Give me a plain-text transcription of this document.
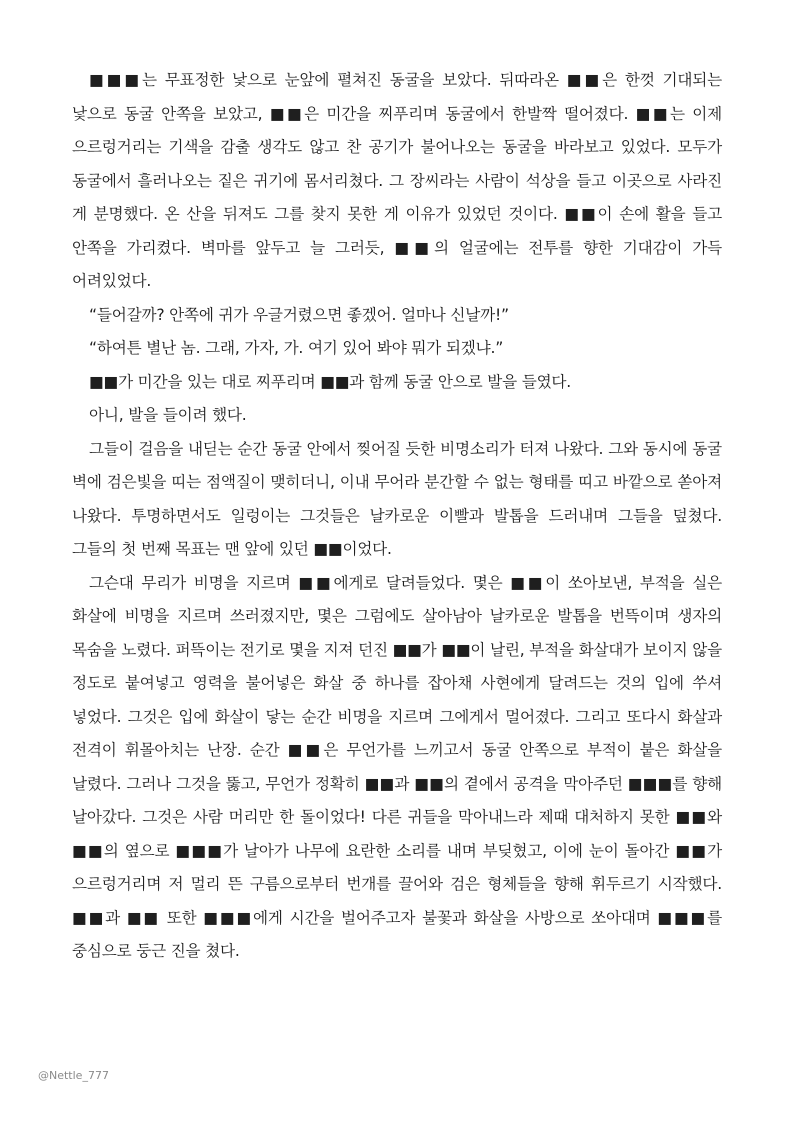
■■■는 무표정한 낯으로 눈앞에 펼쳐진 동굴을 보았다. 뒤따라온 ■■은 한껏 기대되는 낯으로 동굴 안쪽을 보았고, ■■은 미간을 찌푸리며 동굴에서 한발짝 떨어졌다. ■■는 이제 으르렁거리는 기색을 감출 생각도 않고 찬 공기가 불어나오는 동굴을 바라보고 있었다. 모두가 동굴에서 흘러나오는 짙은 귀기에 몸서리쳤다. 그 장씨라는 사람이 석상을 들고 이곳으로 사라진 게 분명했다. 온 산을 뒤져도 그를 찾지 못한 게 이유가 있었던 것이다. ■■이 손에 활을 들고 안쪽을 가리켰다. 벽마를 앞두고 늘 그러듯, ■■의 얼굴에는 전투를 향한 기대감이 가득 어려있었다.

“들어갈까? 안쪽에 귀가 우글거렸으면 좋겠어. 얼마나 신날까!”

“하여튼 별난 놈. 그래, 가자, 가. 여기 있어 봐야 뭐가 되겠냐.”

■■가 미간을 있는 대로 찌푸리며 ■■과 함께 동굴 안으로 발을 들였다.

아니, 발을 들이려 했다.

그들이 걸음을 내딛는 순간 동굴 안에서 찢어질 듯한 비명소리가 터져 나왔다. 그와 동시에 동굴 벽에 검은빛을 띠는 점액질이 맺히더니, 이내 무어라 분간할 수 없는 형태를 띠고 바깥으로 쏟아져 나왔다. 투명하면서도 일렁이는 그것들은 날카로운 이빨과 발톱을 드러내며 그들을 덮쳤다. 그들의 첫 번째 목표는 맨 앞에 있던 ■■이었다.

그슨대 무리가 비명을 지르며 ■■에게로 달려들었다. 몇은 ■■이 쏘아보낸, 부적을 실은 화살에 비명을 지르며 쓰러졌지만, 몇은 그럼에도 살아남아 날카로운 발톱을 번뜩이며 생자의 목숨을 노렸다. 퍼뜩이는 전기로 몇을 지져 던진 ■■가 ■■이 날린, 부적을 화살대가 보이지 않을 정도로 붙여넣고 영력을 불어넣은 화살 중 하나를 잡아채 사현에게 달려드는 것의 입에 쑤셔 넣었다. 그것은 입에 화살이 닿는 순간 비명을 지르며 그에게서 멀어졌다. 그리고 또다시 화살과 전격이 휘몰아치는 난장. 순간 ■■은 무언가를 느끼고서 동굴 안쪽으로 부적이 붙은 화살을 날렸다. 그러나 그것을 뚫고, 무언가 정확히 ■■과 ■■의 곁에서 공격을 막아주던 ■■■를 향해 날아갔다. 그것은 사람 머리만 한 돌이었다! 다른 귀들을 막아내느라 제때 대처하지 못한 ■■와 ■■의 옆으로 ■■■가 날아가 나무에 요란한 소리를 내며 부딪혔고, 이에 눈이 돌아간 ■■가 으르렁거리며 저 멀리 뜬 구름으로부터 번개를 끌어와 검은 형체들을 향해 휘두르기 시작했다. ■■과 ■■ 또한 ■■■에게 시간을 벌어주고자 불꽃과 화살을 사방으로 쏘아대며 ■■■를 중심으로 둥근 진을 쳤다.

@Nettle_777
